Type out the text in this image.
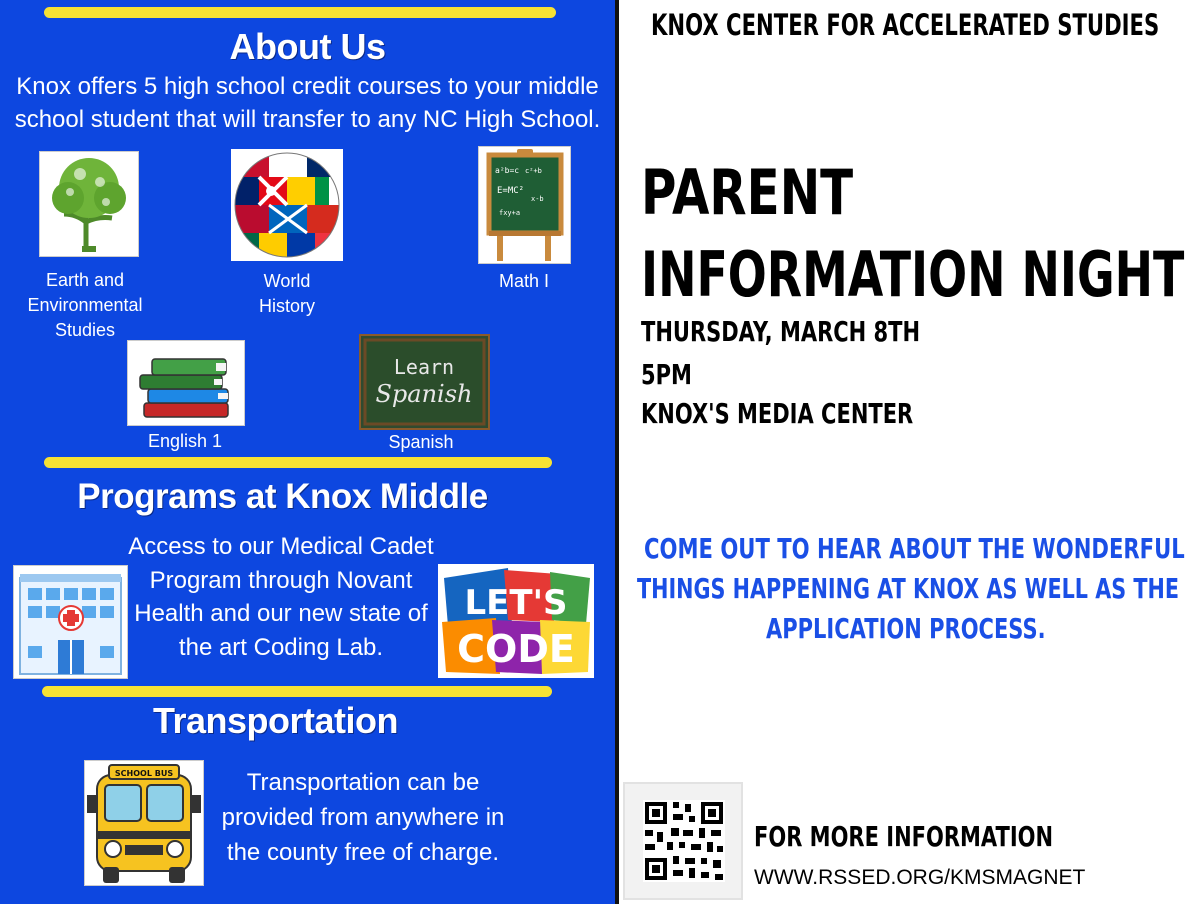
About Us
Knox offers 5 high school credit courses to your middle
school student that will transfer to any NC High School.
Earth and
Environmental
Studies
World
History
a²b=c c²+b
E=MC²
x-b
fxy+a
Math I
English 1
Learn
Spanish
Spanish
Programs at Knox Middle
Access to our Medical Cadet
Program through Novant
Health and our new state of
the art Coding Lab.
LET'S
CODE
Transportation
SCHOOL BUS	Transportation can be
provided from anywhere in
the county free of charge.
KNOX CENTER FOR ACCELERATED STUDIES
PARENT
INFORMATION NIGHT
THURSDAY, MARCH 8TH
5PM
KNOX'S MEDIA CENTER
COME OUT TO HEAR ABOUT THE WONDERFUL
THINGS HAPPENING AT KNOX AS WELL AS THE
APPLICATION PROCESS.
FOR MORE INFORMATION
WWW.RSSED.ORG/KMSMAGNET
